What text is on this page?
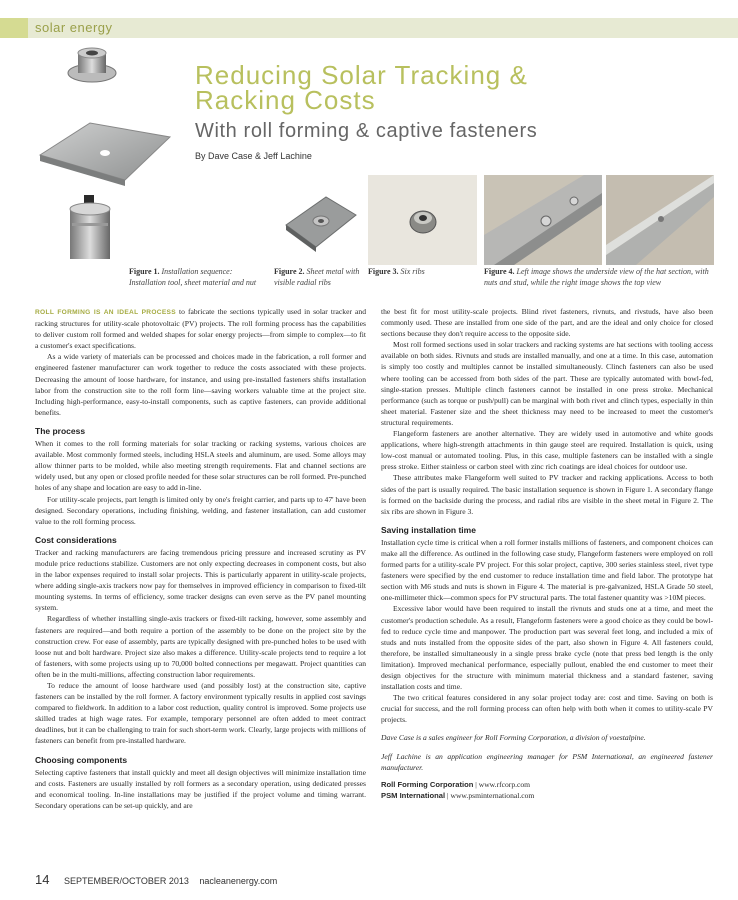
solar energy
Reducing Solar Tracking &
Racking Costs
With roll forming & captive fasteners
By Dave Case & Jeff Lachine
Figure 1. Installation sequence: Installation tool, sheet material and nut
Figure 2. Sheet metal with visible radial ribs
Figure 3. Six ribs	Figure 4. Left image shows the underside view of the hat section, with nuts and stud, while the right image shows the top view

ROLL FORMING IS AN IDEAL PROCESS to fabricate the sections typically used in solar tracker and racking structures for utility-scale photovoltaic (PV) projects. The roll forming process has the capabilities to deliver custom roll formed and welded shapes for solar energy projects—from simple to complex—to fit a customer's exact specifications.

As a wide variety of materials can be processed and choices made in the fabrication, a roll former and engineered fastener manufacturer can work together to reduce the costs associated with these projects. Decreasing the amount of loose hardware, for instance, and using pre-installed fasteners shifts installation labor from the construction site to the roll form line—saving workers valuable time at the project site. Including high-performance, easy-to-install components, such as captive fasteners, can provide additional benefits.

The process

When it comes to the roll forming materials for solar tracking or racking systems, various choices are available. Most commonly formed steels, including HSLA steels and aluminum, are used. Some alloys may allow thinner parts to be molded, while also meeting strength requirements. Flat and channel sections are widely used, but any open or closed profile needed for these solar structures can be roll formed. Pre-punched holes of any shape and location are easy to add in-line.

For utility-scale projects, part length is limited only by one's freight carrier, and parts up to 47' have been designed. Secondary operations, including finishing, welding, and fastener installation, can add customer value to the roll forming process.

Cost considerations

Tracker and racking manufacturers are facing tremendous pricing pressure and increased scrutiny as PV module price reductions stabilize. Customers are not only expecting decreases in component costs, but also in the labor expenses required to install solar projects. This is particularly apparent in utility-scale projects, where adding single-axis trackers now pay for themselves in improved efficiency in comparison to fixed-tilt mounting systems. In terms of efficiency, some tracker designs can even serve as the PV panel mounting system.

Regardless of whether installing single-axis trackers or fixed-tilt racking, however, some assembly and fasteners are required—and both require a portion of the assembly to be done on the project site by the construction crew. For ease of assembly, parts are typically designed with pre-punched holes to be used with loose nut and bolt hardware. Project size also makes a difference. Utility-scale projects tend to require a lot of fasteners, with some projects using up to 70,000 bolted connections per megawatt. Project quantities can often be in the multi-millions, affecting construction labor requirements.

To reduce the amount of loose hardware used (and possibly lost) at the construction site, captive fasteners can be installed by the roll former. A factory environment typically results in applied cost savings compared to fieldwork. In addition to a labor cost reduction, quality control is improved. Some projects use skilled trades at high wage rates. For example, temporary personnel are often added to meet contract deadlines, but it can be challenging to train for such short-term work. Clearly, large projects with millions of fasteners can benefit from pre-installed hardware.

Choosing components

Selecting captive fasteners that install quickly and meet all design objectives will minimize installation time and costs. Fasteners are usually installed by roll formers as a secondary operation, using dedicated presses and economical tooling. In-line installations may be justified if the project volume and timing warrant. Secondary operations can be set-up quickly, and are

the best fit for most utility-scale projects. Blind rivet fasteners, rivnuts, and rivstuds, have also been commonly used. These are installed from one side of the part, and are the ideal and only choice for closed sections because they don't require access to the opposite side.

Most roll formed sections used in solar trackers and racking systems are hat sections with tooling access available on both sides. Rivnuts and studs are installed manually, and one at a time. In this case, automation is simply too costly and multiples cannot be installed simultaneously. Clinch fasteners can also be used where tooling can be accessed from both sides of the part. These are typically automated with bowl-fed, single-station presses. Multiple clinch fasteners cannot be installed in one press stroke. Mechanical performance (such as torque or push/pull) can be marginal with both rivet and clinch types, especially in thin sheet material. Fastener size and the sheet thickness may need to be increased to meet the customer's structural requirements.

Flangeform fasteners are another alternative. They are widely used in automotive and white goods applications, where high-strength attachments in thin gauge steel are required. Installation is quick, using low-cost manual or automated tooling. Plus, in this case, multiple fasteners can be installed with a single press stroke. Either stainless or carbon steel with zinc rich coatings are ideal choices for outdoor use.

These attributes make Flangeform well suited to PV tracker and racking applications. Access to both sides of the part is usually required. The basic installation sequence is shown in Figure 1. A secondary flange is formed on the backside during the process, and radial ribs are visible in the sheet metal in Figure 2. The six ribs are shown in Figure 3.

Saving installation time

Installation cycle time is critical when a roll former installs millions of fasteners, and component choices can make all the difference. As outlined in the following case study, Flangeform fasteners were employed on roll formed parts for a utility-scale PV project. For this solar project, captive, 300 series stainless steel, rivet type fasteners were specified by the end customer to reduce installation time and field labor. The prototype hat section with M6 studs and nuts is shown in Figure 4. The material is pre-galvanized, HSLA Grade 50 steel, one-millimeter thick—common specs for PV structural parts. The total fastener quantity was >10M pieces.

Excessive labor would have been required to install the rivnuts and studs one at a time, and meet the customer's production schedule. As a result, Flangeform fasteners were a good choice as they could be bowl-fed to reduce cycle time and manpower. The production part was several feet long, and included a mix of studs and nuts installed from the opposite sides of the part, also shown in Figure 4. All fasteners could, therefore, be installed simultaneously in a single press brake cycle (note that press bed length is the only limitation). Improved mechanical performance, especially pullout, enabled the end customer to meet their design objectives for the structure with minimum material thickness and a standard fastener, saving installation costs and time.

The two critical features considered in any solar project today are: cost and time. Saving on both is crucial for success, and the roll forming process can often help with both when it comes to utility-scale PV projects.

Dave Case is a sales engineer for Roll Forming Corporation, a division of voestalpine.

Jeff Lachine is an application engineering manager for PSM International, an engineered fastener manufacturer.

Roll Forming Corporation | www.rfcorp.com

PSM International | www.psminternational.com

14 SEPTEMBER/OCTOBER 2013 nacleanenergy.com
